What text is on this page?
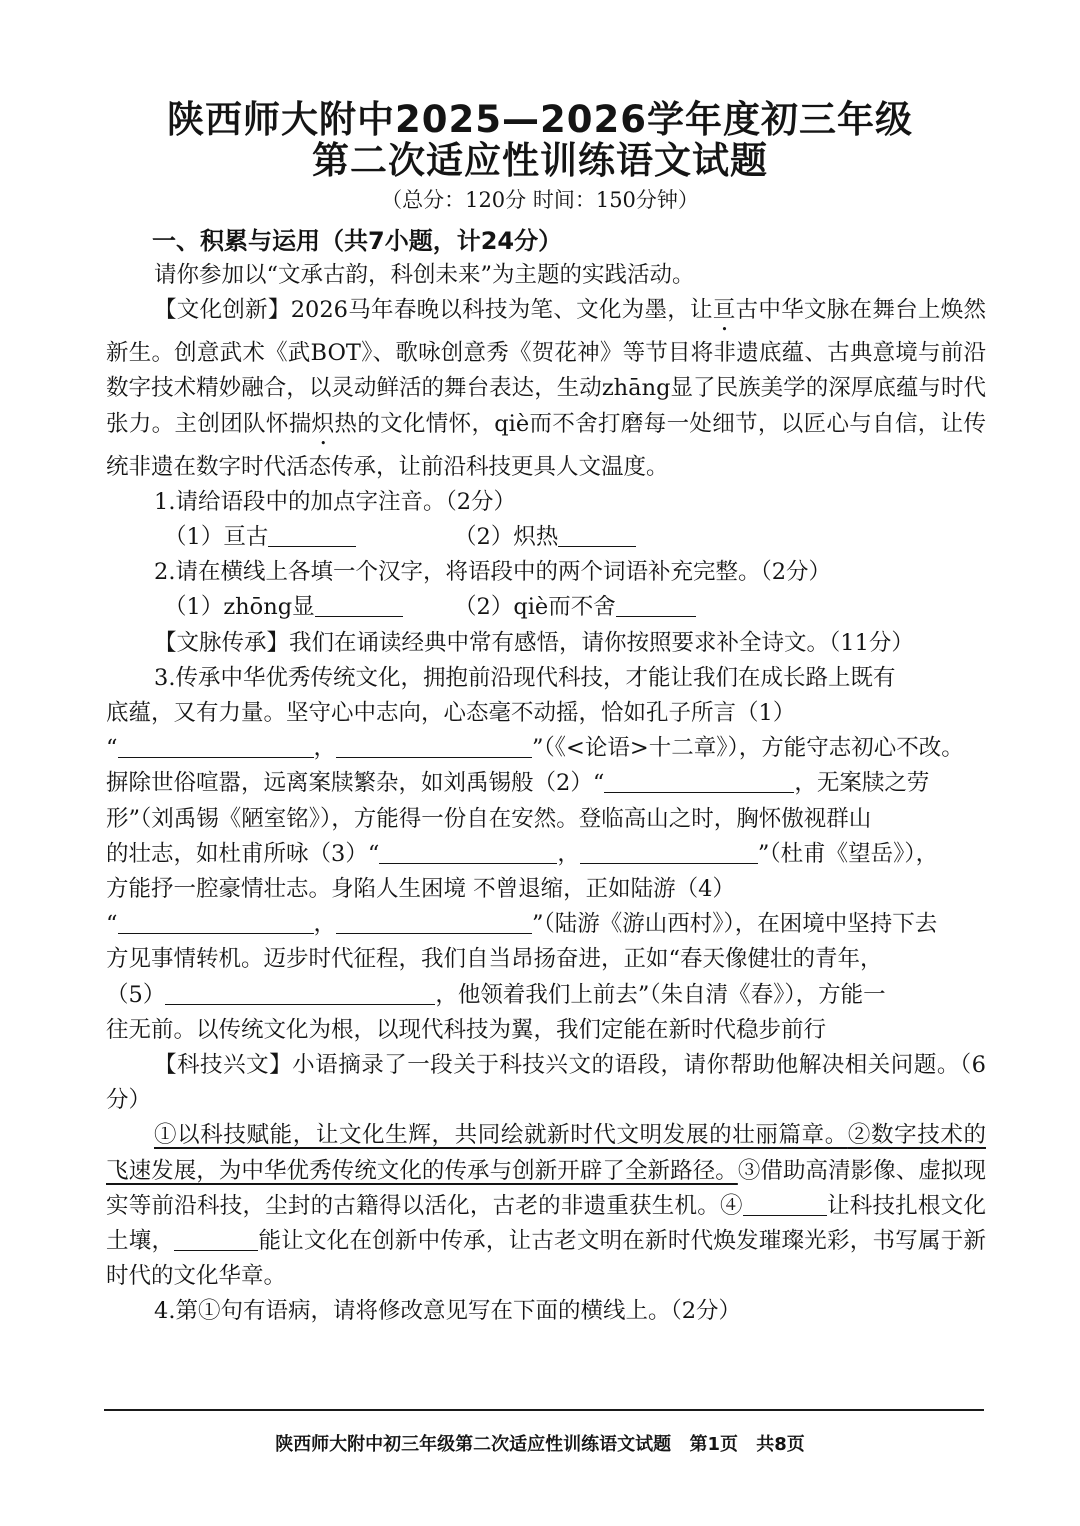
陕西师大附中2025—2026学年度初三年级
第二次适应性训练语文试题
（总分：120分 时间：150分钟）
一、积累与运用（共7小题，计24分）

请你参加以“文承古韵，科创未来”为主题的实践活动。

【文化创新】2026马年春晚以科技为笔、文化为墨，让亘古中华文脉在舞台上焕然新生。创意武术《武BOT》、歌咏创意秀《贺花神》等节目将非遗底蕴、古典意境与前沿数字技术精妙融合，以灵动鲜活的舞台表达，生动zhāng显了民族美学的深厚底蕴与时代张力。主创团队怀揣炽热的文化情怀，qiè而不舍打磨每一处细节，以匠心与自信，让传统非遗在数字时代活态传承，让前沿科技更具人文温度。

1.请给语段中的加点字注音。（2分）

（1）亘古	（2）炽热

2.请在横线上各填一个汉字，将语段中的两个词语补充完整。（2分）

（1）zhōng显	（2）qiè而不舍

【文脉传承】我们在诵读经典中常有感悟，请你按照要求补全诗文。（11分）

3.传承中华优秀传统文化，拥抱前沿现代科技，才能让我们在成长路上既有

底蕴，又有力量。坚守心中志向，心态毫不动摇，恰如孔子所言（1）

“	，	”（《<论语>十二章》），方能守志初心不改。

摒除世俗喧嚣，远离案牍繁杂，如刘禹锡般（2）“	，无案牍之劳

形”（刘禹锡《陋室铭》），方能得一份自在安然。登临高山之时，胸怀傲视群山

的壮志，如杜甫所咏（3）“	，	”（杜甫《望岳》），

方能抒一腔豪情壮志。身陷人生困境 不曾退缩，正如陆游（4）

“	，	”（陆游《游山西村》），在困境中坚持下去

方见事情转机。迈步时代征程，我们自当昂扬奋进，正如“春天像健壮的青年，

（5）	，他领着我们上前去”（朱自清《春》），方能一

往无前。以传统文化为根，以现代科技为翼，我们定能在新时代稳步前行

【科技兴文】小语摘录了一段关于科技兴文的语段，请你帮助他解决相关问题。（6分）

①以科技赋能，让文化生辉，共同绘就新时代文明发展的壮丽篇章。②数字技术的飞速发展，为中华优秀传统文化的传承与创新开辟了全新路径。③借助高清影像、虚拟现实等前沿科技，尘封的古籍得以活化，古老的非遗重获生机。④	让科技扎根文化土壤，	能让文化在创新中传承，让古老文明在新时代焕发璀璨光彩，书写属于新时代的文化华章。

4.第①句有语病，请将修改意见写在下面的横线上。（2分）

陕西师大附中初三年级第二次适应性训练语文试题 第1页 共8页
